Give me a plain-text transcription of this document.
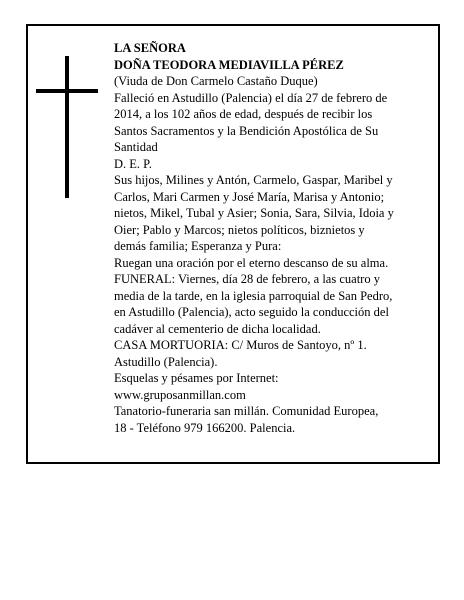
LA SEÑORA
DOÑA TEODORA MEDIAVILLA PÉREZ
(Viuda de Don Carmelo Castaño Duque)
Falleció en Astudillo (Palencia) el día 27 de febrero de
2014, a los 102 años de edad, después de recibir los
Santos Sacramentos y la Bendición Apostólica de Su
Santidad
D. E. P.
Sus hijos, Milines y Antón, Carmelo, Gaspar, Maribel y
Carlos, Mari Carmen y José María, Marisa y Antonio;
nietos, Mikel, Tubal y Asier; Sonia, Sara, Silvia, Idoia y
Oier; Pablo y Marcos; nietos políticos, biznietos y
demás familia; Esperanza y Pura:
Ruegan una oración por el eterno descanso de su alma.
FUNERAL: Viernes, día 28 de febrero, a las cuatro y
media de la tarde, en la iglesia parroquial de San Pedro,
en Astudillo (Palencia), acto seguido la conducción del
cadáver al cementerio de dicha localidad.
CASA MORTUORIA: C/ Muros de Santoyo, nº 1.
Astudillo (Palencia).
Esquelas y pésames por Internet:
www.gruposanmillan.com
Tanatorio-funeraria san millán. Comunidad Europea,
18 - Teléfono 979 166200. Palencia.
